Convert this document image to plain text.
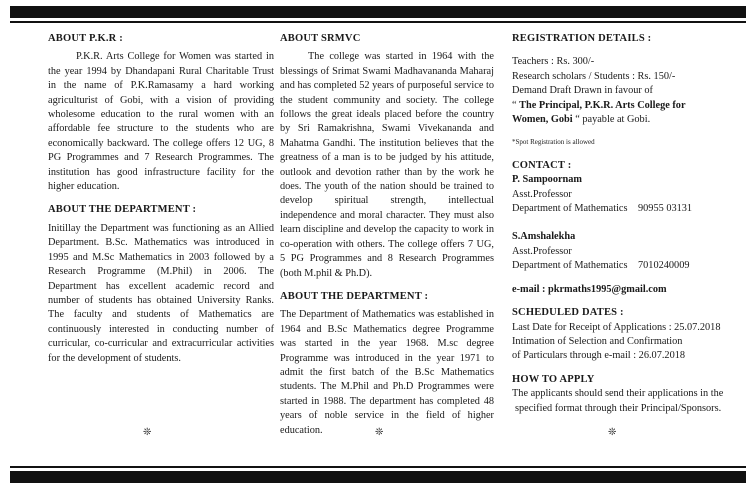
ABOUT P.K.R :

P.K.R. Arts College for Women was started in the year 1994 by Dhandapani Rural Charitable Trust in the name of P.K.Ramasamy a hard working agriculturist of Gobi, with a vision of providing wholesome education to the rural women with an affordable fee structure to the students who are economically backward. The college offers 12 UG, 8 PG Programmes and 7 Research Programmes. The institution has good infrastructure facility for the higher education.

ABOUT THE DEPARTMENT :

Initillay the Department was functioning as an Allied Department. B.Sc. Mathematics was introduced in 1995 and M.Sc Mathematics in 2003 followed by a Research Programme (M.Phil) in 2006. The Department has excellent academic record and number of students has obtained University Ranks. The faculty and students of Mathematics are continuously interested in conducting number of curricular, co-curricular and extracurricular activities for the development of students.

ABOUT SRMVC

The college was started in 1964 with the blessings of Srimat Swami Madhavananda Maharaj and has completed 52 years of purposeful service to the student community and society. The college follows the great ideals placed before the country by Sri Ramakrishna, Swami Vivekananda and Mahatma Gandhi. The institution believes that the greatness of a man is to be judged by his attitude, outlook and devotion rather than by the work he does. The youth of the nation should be trained to develop spiritual strength, intellectual independence and moral character. They must also learn discipline and develop the capacity to work in co-operation with others. The college offers 7 UG, 5 PG Programmes and 8 Research Programmes (both M.phil & Ph.D).

ABOUT THE DEPARTMENT :

The Department of Mathematics was established in 1964 and B.Sc Mathematics degree Programme was started in the year 1968. M.sc degree Programme was introduced in the year 1971 to admit the first batch of the B.Sc Mathematics students. The M.Phil and Ph.D Programmes were started in 1988. The department has completed 48 years of noble service in the field of higher education.

REGISTRATION DETAILS :

Teachers : Rs. 300/-

Research scholars / Students : Rs. 150/-

Demand Draft Drawn in favour of

“ The Principal, P.K.R. Arts College for

Women, Gobi “ payable at Gobi.

*Spot Registration is allowed

CONTACT :

P. Sampoornam

Asst.Professor

Department of Mathematics	90955 03131

S.Amshalekha

Asst.Professor

Department of Mathematics	7010240009

e-mail : pkrmaths1995@gmail.com

SCHEDULED DATES :

Last Date for Receipt of Applications : 25.07.2018

Intimation of Selection and Confirmation

of Particulars through e-mail : 26.07.2018

HOW TO APPLY

The applicants should send their applications in the

specified format through their Principal/Sponsors.

❊	❊	❊
